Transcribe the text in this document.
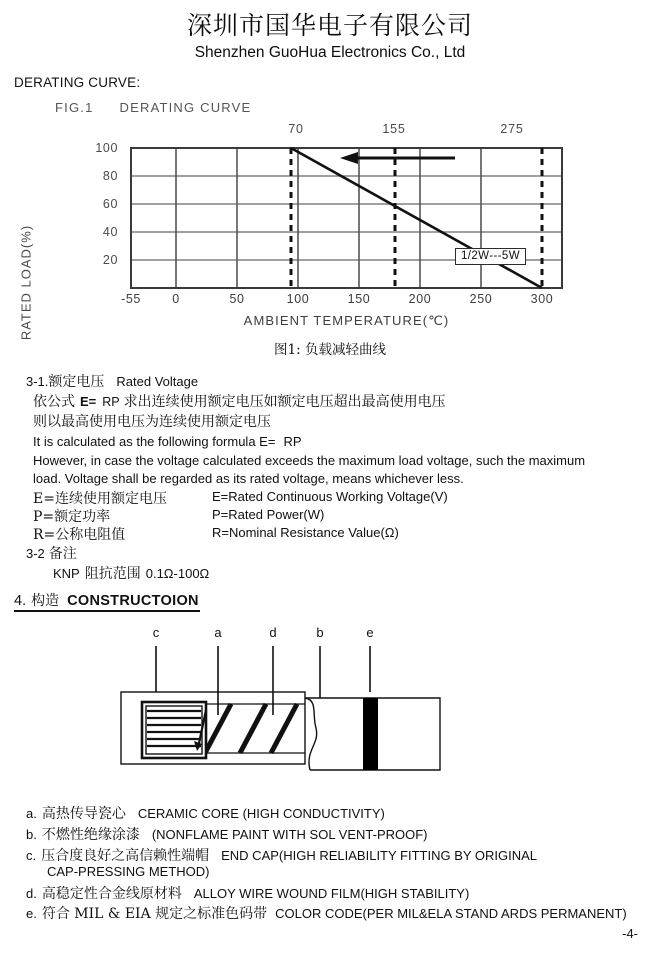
深圳市国华电子有限公司
Shenzhen GuoHua Electronics Co., Ltd
DERATING CURVE:
FIG.1 DERATING CURVE
RATED LOAD(%)	AMBIENT TEMPERATURE(℃)
70	155	275
100
80
60
40
20
-55	0	50	100	150	200	250	300
1/2W---5W
图1: 负载减轻曲线
3-1.额定电压 Rated Voltage
依公式 E= RP 求出连续使用额定电压如额定电压超出最高使用电压
则以最高使用电压为连续使用额定电压
It is calculated as the following formula E= RP
However, in case the voltage calculated exceeds the maximum load voltage, such the maximum
load. Voltage shall be regarded as its rated voltage, means whichever less.
E=连续使用额定电压	E=Rated Continuous Working Voltage(V)
P=额定功率	P=Rated Power(W)
R=公称电阻值	R=Nominal Resistance Value(Ω)
3-2 备注
KNP 阻抗范围 0.1Ω-100Ω
4. 构造 CONSTRUCTOION
c	a	d	b	e
a. 高热传导瓷心 CERAMIC CORE (HIGH CONDUCTIVITY)
b. 不燃性绝缘涂漆 (NONFLAME PAINT WITH SOL VENT-PROOF)
c. 压合度良好之高信赖性端帽 END CAP(HIGH RELIABILITY FITTING BY ORIGINAL
CAP-PRESSING METHOD)
d. 高稳定性合金线原材料 ALLOY WIRE WOUND FILM(HIGH STABILITY)
e. 符合 MIL & EIA 规定之标准色码带 COLOR CODE(PER MIL&ELA STAND ARDS PERMANENT)
-4-
